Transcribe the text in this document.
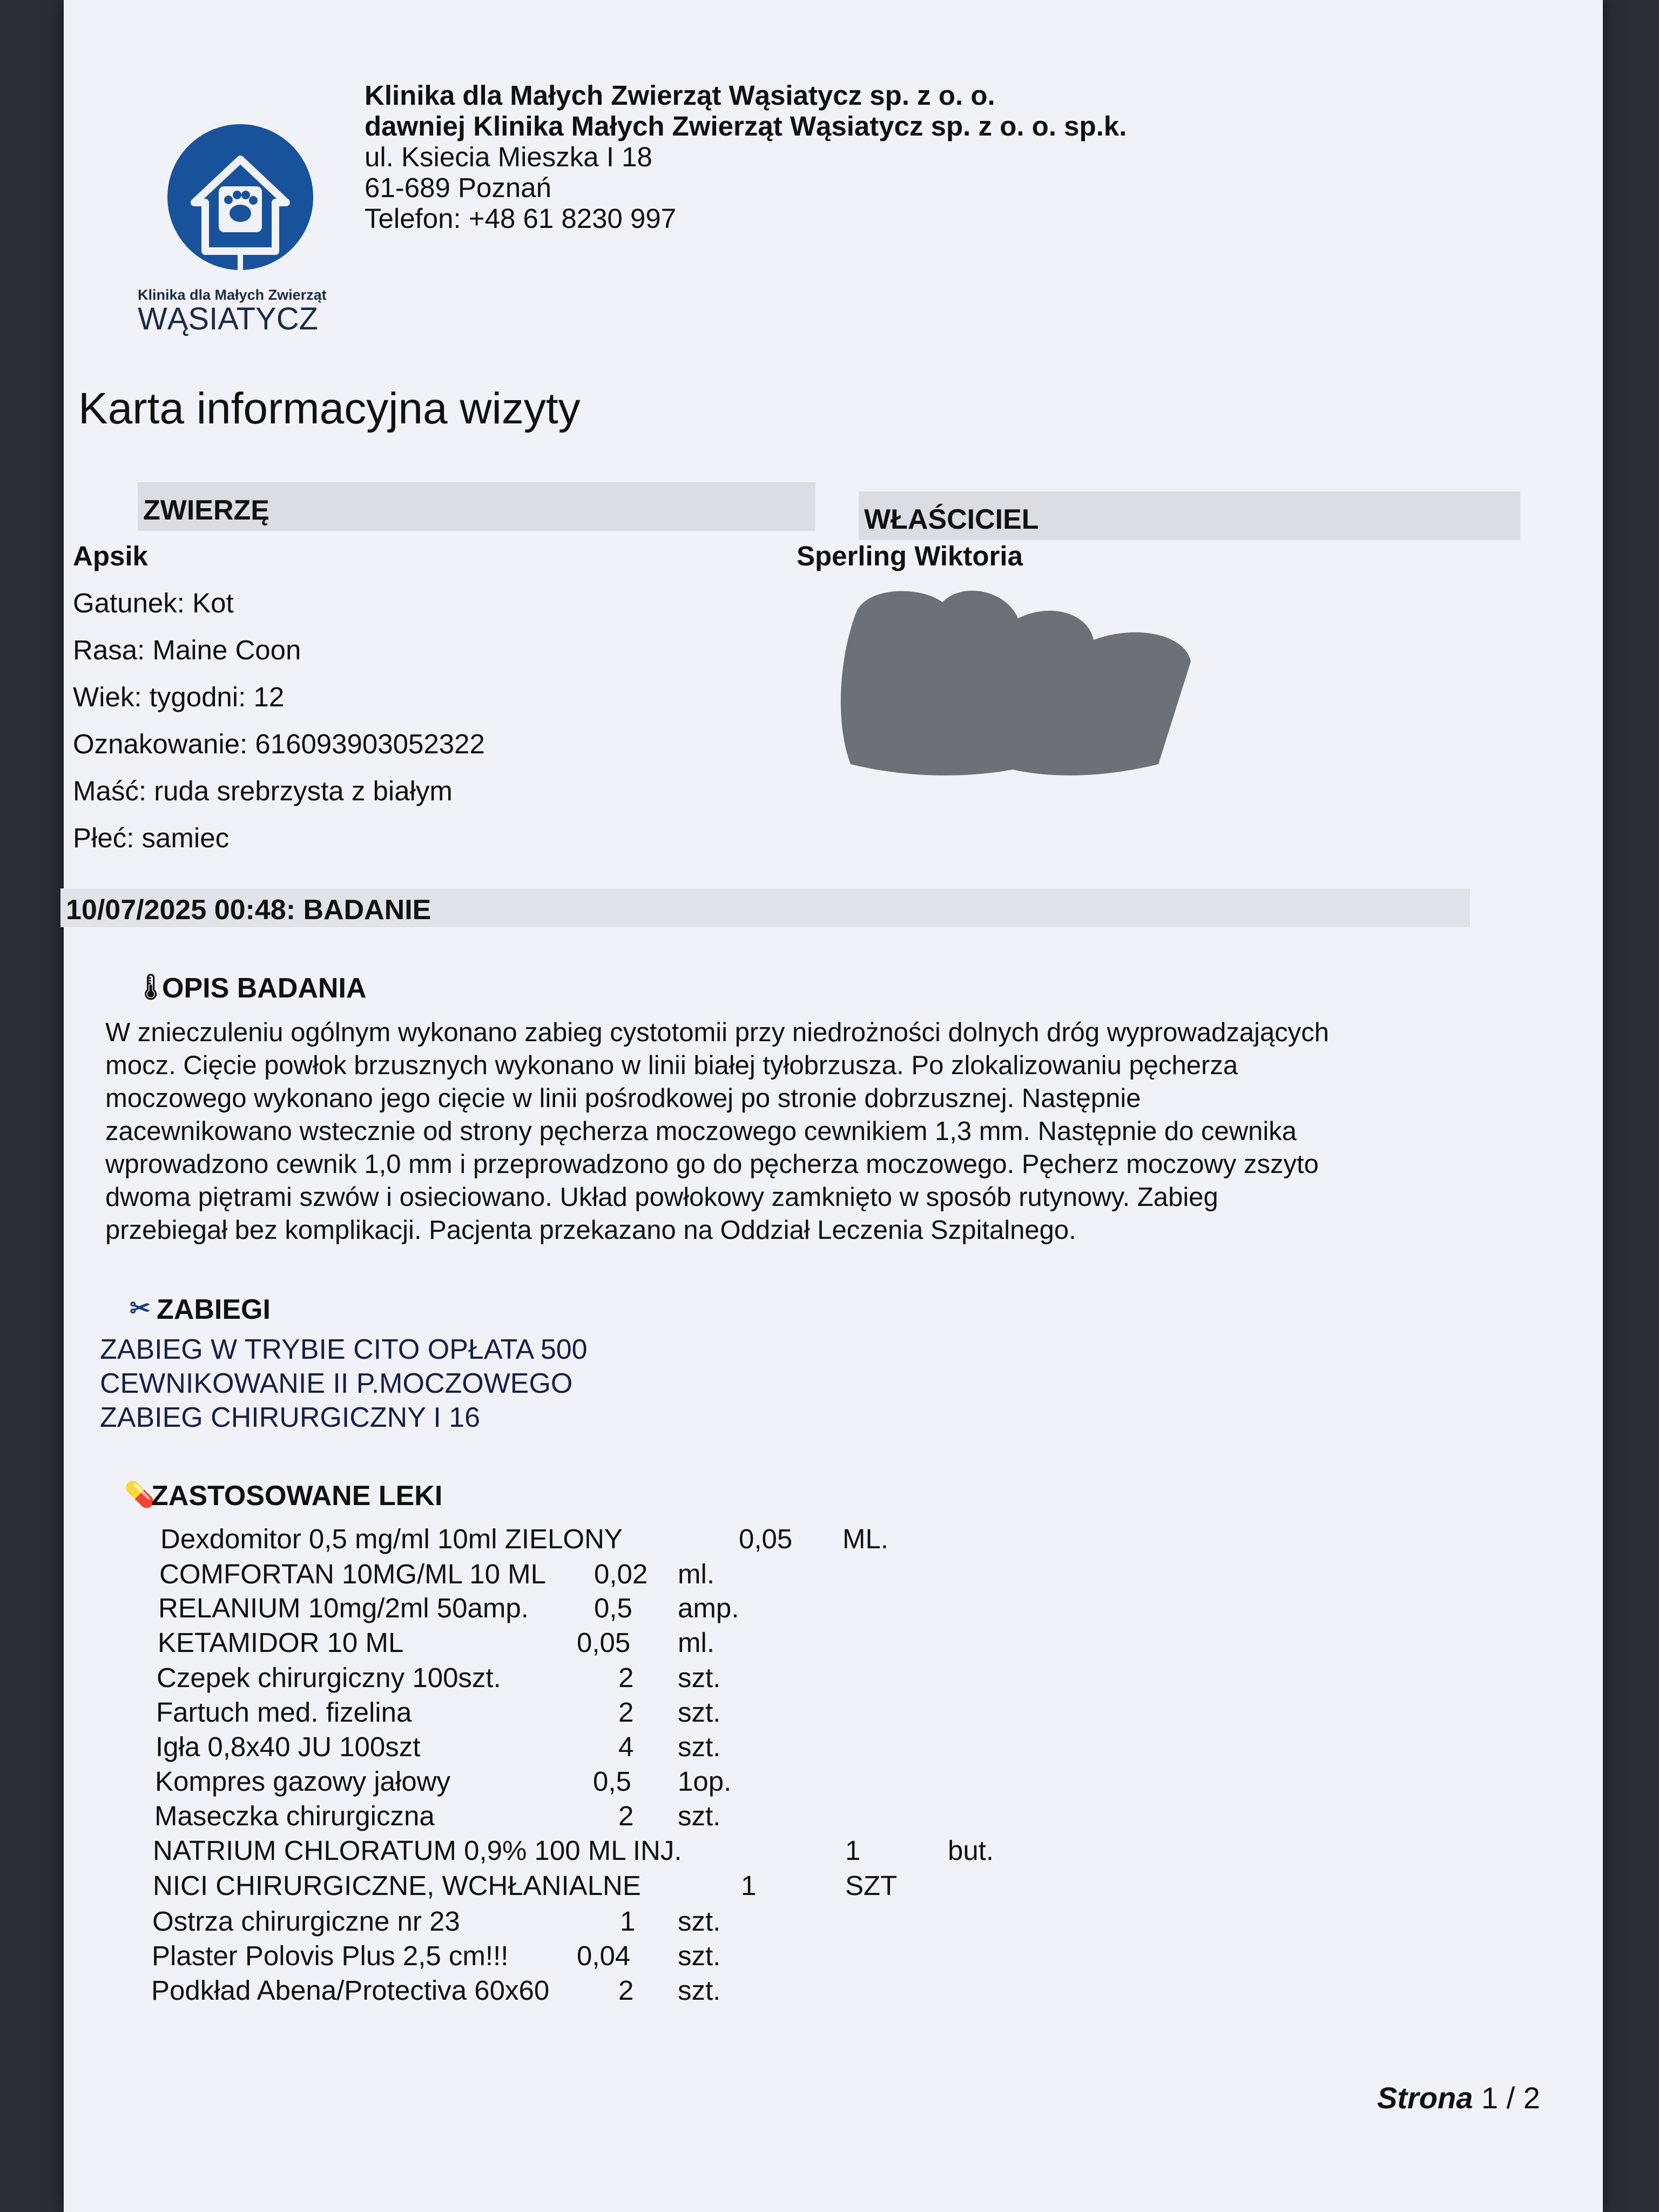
Klinika dla Małych Zwierząt
WĄSIATYCZ
Klinika dla Małych Zwierząt Wąsiatycz sp. z o. o.
dawniej Klinika Małych Zwierząt Wąsiatycz sp. z o. o. sp.k.
ul. Ksiecia Mieszka I 18
61-689 Poznań
Telefon: +48 61 8230 997
Karta informacyjna wizyty
ZWIERZĘ	WŁAŚCICIEL
Apsik
Gatunek: Kot
Rasa: Maine Coon
Wiek: tygodni: 12
Oznakowanie: 616093903052322
Maść: ruda srebrzysta z białym
Płeć: samiec
Sperling Wiktoria
10/07/2025 00:48: BADANIE
🌡OPIS BADANIA
W znieczuleniu ogólnym wykonano zabieg cystotomii przy niedrożności dolnych dróg wyprowadzających
mocz. Cięcie powłok brzusznych wykonano w linii białej tyłobrzusza. Po zlokalizowaniu pęcherza
moczowego wykonano jego cięcie w linii pośrodkowej po stronie dobrzusznej. Następnie
zacewnikowano wstecznie od strony pęcherza moczowego cewnikiem 1,3 mm. Następnie do cewnika
wprowadzono cewnik 1,0 mm i przeprowadzono go do pęcherza moczowego. Pęcherz moczowy zszyto
dwoma piętrami szwów i osieciowano. Układ powłokowy zamknięto w sposób rutynowy. Zabieg
przebiegał bez komplikacji. Pacjenta przekazano na Oddział Leczenia Szpitalnego.
✂ ZABIEGI
ZABIEG W TRYBIE CITO OPŁATA 500
CEWNIKOWANIE II P.MOCZOWEGO
ZABIEG CHIRURGICZNY I 16
💊ZASTOSOWANE LEKI
Dexdomitor 0,5 mg/ml 10ml ZIELONY	0,05 ML.
COMFORTAN 10MG/ML 10 ML 0,02 ml.
RELANIUM 10mg/2ml 50amp. 0,5 amp.
KETAMIDOR 10 ML	0,05 ml.
Czepek chirurgiczny 100szt.	2 szt.
Fartuch med. fizelina	2 szt.
Igła 0,8x40 JU 100szt	4 szt.
Kompres gazowy jałowy	0,5 1op.
Maseczka chirurgiczna	2 szt.
NATRIUM CHLORATUM 0,9% 100 ML INJ.	1	but.
NICI CHIRURGICZNE, WCHŁANIALNE	1	SZT
Ostrza chirurgiczne nr 23	1 szt.
Plaster Polovis Plus 2,5 cm!!! 0,04 szt.
Podkład Abena/Protectiva 60x60	2 szt.
Strona 1 / 2
